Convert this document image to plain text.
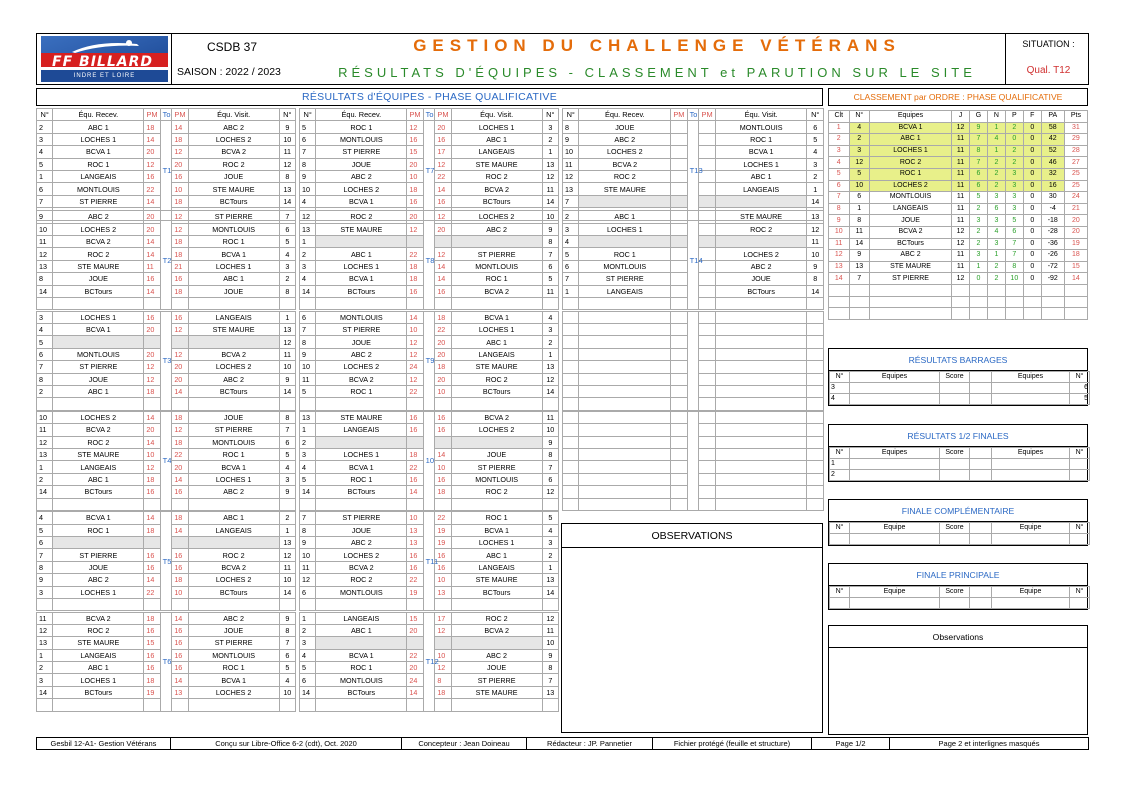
FF BILLARD
INDRE ET LOIRE
CSDB 37
SAISON : 2022 / 2023
GESTION DU CHALLENGE VÉTÉRANS
RÉSULTATS D'ÉQUIPES - CLASSEMENT et PARUTION SUR LE SITE
SITUATION :
Qual. T12
RÉSULTATS d'ÉQUIPES - PHASE QUALIFICATIVE
N°	Équ. Recev.	PM	To	PM	Équ. Visit.	N°
2	ABC 1	18	T1	14	ABC 2	9
3	LOCHES 1	14		18	LOCHES 2	10
4	BCVA 1	20		12	BCVA 2	11
5	ROC 1	12		20	ROC 2	12
1	LANGEAIS	16		16	JOUE	8
6	MONTLOUIS	22		10	STE MAURE	13
7	ST PIERRE	14		18	BCTours	14

9	ABC 2	20	T2	12	ST PIERRE	7
10	LOCHES 2	20		12	MONTLOUIS	6
11	BCVA 2	14		18	ROC 1	5
12	ROC 2	14		18	BCVA 1	4
13	STE MAURE	11		21	LOCHES 1	3
8	JOUE	16		16	ABC 1	2
14	BCTours	14		18	JOUE	8

3	LOCHES 1	16	T3	16	LANGEAIS	1
4	BCVA 1	20		12	STE MAURE	13
5						12
6	MONTLOUIS	20		12	BCVA 2	11
7	ST PIERRE	12		20	LOCHES 2	10
8	JOUE	12		20	ABC 2	9
2	ABC 1	18		14	BCTours	14

10	LOCHES 2	14	T4	18	JOUE	8
11	BCVA 2	20		12	ST PIERRE	7
12	ROC 2	14		18	MONTLOUIS	6
13	STE MAURE	10		22	ROC 1	5
1	LANGEAIS	12		20	BCVA 1	4
2	ABC 1	18		14	LOCHES 1	3
14	BCTours	16		16	ABC 2	9

4	BCVA 1	14	T5	18	ABC 1	2
5	ROC 1	18		14	LANGEAIS	1
6						13
7	ST PIERRE	16		16	ROC 2	12
8	JOUE	16		16	BCVA 2	11
9	ABC 2	14		18	LOCHES 2	10
3	LOCHES 1	22		10	BCTours	14

11	BCVA 2	18	T6	14	ABC 2	9
12	ROC 2	16		16	JOUE	8
13	STE MAURE	15		16	ST PIERRE	7
1	LANGEAIS	16		16	MONTLOUIS	6
2	ABC 1	16		16	ROC 1	5
3	LOCHES 1	18		14	BCVA 1	4
14	BCTours	19		13	LOCHES 2	10

N°	Équ. Recev.	PM	To	PM	Équ. Visit.	N°
5	ROC 1	12	T7	20	LOCHES 1	3
6	MONTLOUIS	16		16	ABC 1	2
7	ST PIERRE	15		17	LANGEAIS	1
8	JOUE	20		12	STE MAURE	13
9	ABC 2	10		22	ROC 2	12
10	LOCHES 2	18		14	BCVA 2	11
4	BCVA 1	16		16	BCTours	14

12	ROC 2	20	T8	12	LOCHES 2	10
13	STE MAURE	12		20	ABC 2	9
1						8
2	ABC 1	22		12	ST PIERRE	7
3	LOCHES 1	18		14	MONTLOUIS	6
4	BCVA 1	18		14	ROC 1	5
14	BCTours	16		16	BCVA 2	11

6	MONTLOUIS	14	T9	18	BCVA 1	4
7	ST PIERRE	10		22	LOCHES 1	3
8	JOUE	12		20	ABC 1	2
9	ABC 2	12		20	LANGEAIS	1
10	LOCHES 2	24		18	STE MAURE	13
11	BCVA 2	12		20	ROC 2	12
5	ROC 1	22		10	BCTours	14

13	STE MAURE	16	10	16	BCVA 2	11
1	LANGEAIS	16		16	LOCHES 2	10
2						9
3	LOCHES 1	18		14	JOUE	8
4	BCVA 1	22		10	ST PIERRE	7
5	ROC 1	16		16	MONTLOUIS	6
14	BCTours	14		18	ROC 2	12

7	ST PIERRE	10	T11	22	ROC 1	5
8	JOUE	13		19	BCVA 1	4
9	ABC 2	13		19	LOCHES 1	3
10	LOCHES 2	16		16	ABC 1	2
11	BCVA 2	16		16	LANGEAIS	1
12	ROC 2	22		10	STE MAURE	13
6	MONTLOUIS	19		13	BCTours	14

1	LANGEAIS	15	T12	17	ROC 2	12
2	ABC 1	20		12	BCVA 2	11
3						10
4	BCVA 1	22		10	ABC 2	9
5	ROC 1	20		12	JOUE	8
6	MONTLOUIS	24		8	ST PIERRE	7
14	BCTours	14		18	STE MAURE	13

N°	Équ. Recev.	PM	To	PM	Équ. Visit.	N°
8	JOUE		T13		MONTLOUIS	6
9	ABC 2				ROC 1	5
10	LOCHES 2				BCVA 1	4
11	BCVA 2				LOCHES 1	3
12	ROC 2				ABC 1	2
13	STE MAURE				LANGEAIS	1
7						14

2	ABC 1		T14		STE MAURE	13
3	LOCHES 1				ROC 2	12
4						11
5	ROC 1				LOCHES 2	10
6	MONTLOUIS				ABC 2	9
7	ST PIERRE				JOUE	8
1	LANGEAIS				BCTours	14

OBSERVATIONS
CLASSEMENT par ORDRE : PHASE QUALIFICATIVE
Clt	N°	Equipes	J	G	N	P	F	PA	Pts
1	4	BCVA 1	12	9	1	2	0	58	31
2	2	ABC 1	11	7	4	0	0	42	29
3	3	LOCHES 1	11	8	1	2	0	52	28
4	12	ROC 2	11	7	2	2	0	46	27
5	5	ROC 1	11	6	2	3	0	32	25
6	10	LOCHES 2	11	6	2	3	0	16	25
7	6	MONTLOUIS	11	5	3	3	0	30	24
8	1	LANGEAIS	11	2	6	3	0	-4	21
9	8	JOUE	11	3	3	5	0	-18	20
10	11	BCVA 2	12	2	4	6	0	-28	20
11	14	BCTours	12	2	3	7	0	-36	19
12	9	ABC 2	11	3	1	7	0	-26	18
13	13	STE MAURE	11	1	2	8	0	-72	15
14	7	ST PIERRE	12	0	2	10	0	-92	14

RÉSULTATS BARRAGES
N°	Equipes	Score		Equipes	N°
3					6
4					5
RÉSULTATS 1/2 FINALES
N°	Equipes	Score		Equipes	N°
1					
2					
FINALE COMPLÉMENTAIRE
N°	Equipe	Score		Equipe	N°

FINALE PRINCIPALE
N°	Equipe	Score		Equipe	N°

Observations
Gesbil 12-A1- Gestion Vétérans	Conçu sur Libre-Office 6-2 (cdt), Oct. 2020	Concepteur : Jean Doineau	Rédacteur : JP. Pannetier	Fichier protégé (feuille et structure)	Page 1/2	Page 2 et interlignes masqués
